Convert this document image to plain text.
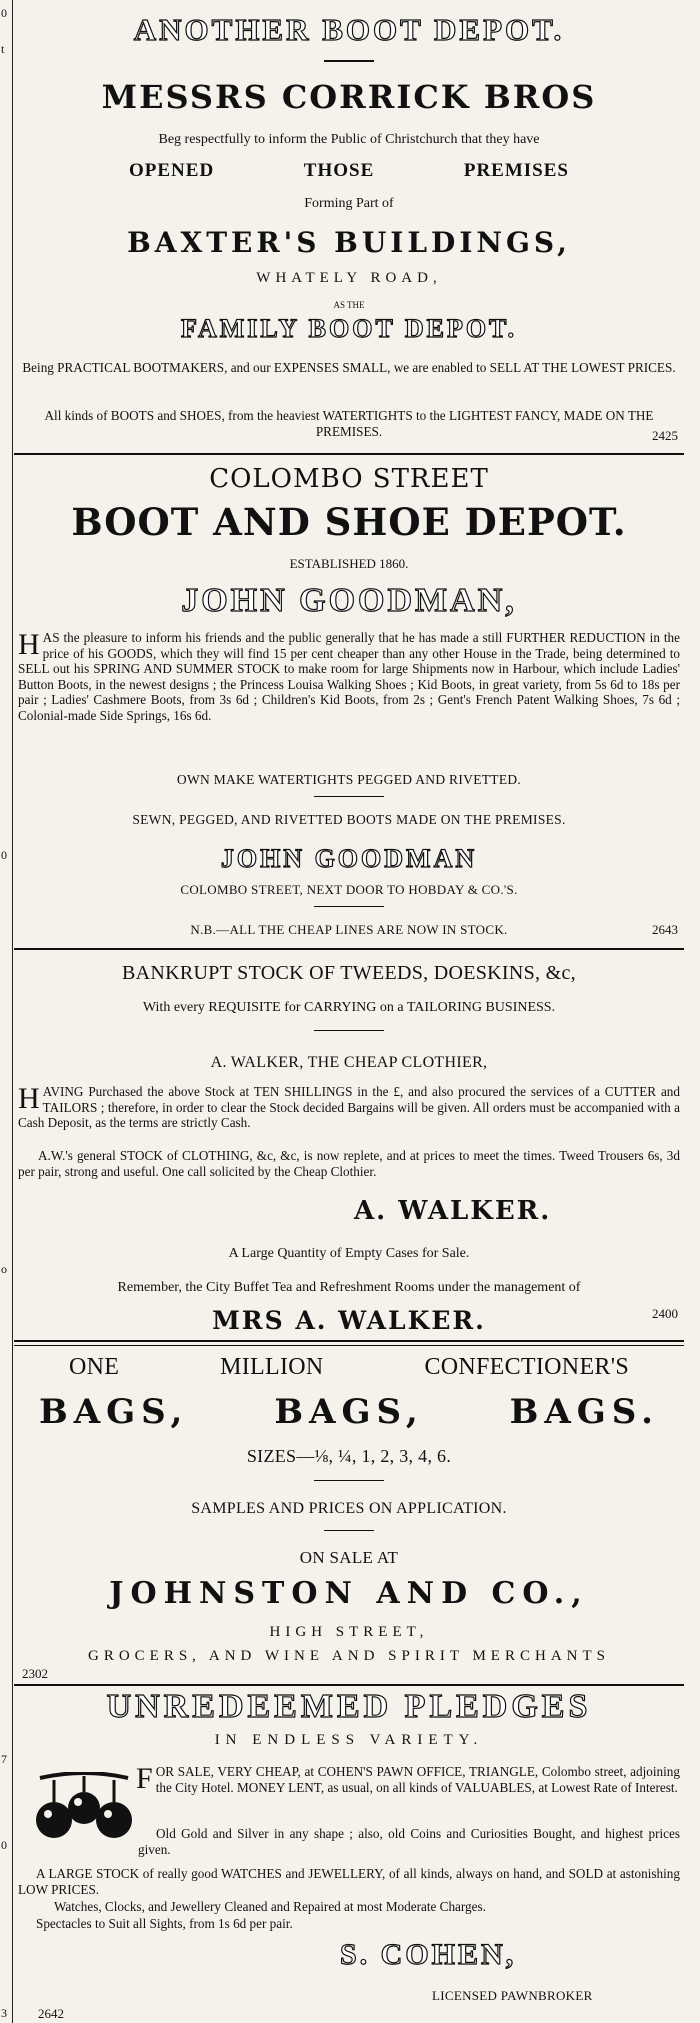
0
t
0
o
7
0
3
ANOTHER BOOT DEPOT.
MESSRS CORRICK BROS
Beg respectfully to inform the Public of Christchurch that they have
OPENED	THOSE	PREMISES
Forming Part of
BAXTER'S BUILDINGS,
WHATELY ROAD,
AS THE
FAMILY BOOT DEPOT.
Being PRACTICAL BOOTMAKERS, and our EXPENSES SMALL, we are enabled to SELL AT THE LOWEST PRICES.
All kinds of BOOTS and SHOES, from the heaviest WATERTIGHTS to the LIGHTEST FANCY, MADE ON THE PREMISES.	2425
COLOMBO STREET
BOOT AND SHOE DEPOT.
ESTABLISHED 1860.
JOHN GOODMAN,
HAS the pleasure to inform his friends and the public generally that he has made a still FURTHER REDUCTION in the price of his GOODS, which they will find 15 per cent cheaper than any other House in the Trade, being determined to SELL out his SPRING AND SUMMER STOCK to make room for large Shipments now in Harbour, which include Ladies' Button Boots, in the newest designs ; the Princess Louisa Walking Shoes ; Kid Boots, in great variety, from 5s 6d to 18s per pair ; Ladies' Cashmere Boots, from 3s 6d ; Children's Kid Boots, from 2s ; Gent's French Patent Walking Shoes, 7s 6d ; Colonial-made Side Springs, 16s 6d.
OWN MAKE WATERTIGHTS PEGGED AND RIVETTED.
SEWN, PEGGED, AND RIVETTED BOOTS MADE ON THE PREMISES.
JOHN GOODMAN
COLOMBO STREET, NEXT DOOR TO HOBDAY & CO.'S.
N.B.—ALL THE CHEAP LINES ARE NOW IN STOCK.	2643
BANKRUPT STOCK OF TWEEDS, DOESKINS, &c,
With every REQUISITE for CARRYING on a TAILORING BUSINESS.
A. WALKER, THE CHEAP CLOTHIER,
HAVING Purchased the above Stock at TEN SHILLINGS in the £, and also procured the services of a CUTTER and TAILORS ; therefore, in order to clear the Stock decided Bargains will be given. All orders must be accompanied with a Cash Deposit, as the terms are strictly Cash.
A.W.'s general STOCK of CLOTHING, &c, &c, is now replete, and at prices to meet the times. Tweed Trousers 6s, 3d per pair, strong and useful. One call solicited by the Cheap Clothier.
A. WALKER.
A Large Quantity of Empty Cases for Sale.
Remember, the City Buffet Tea and Refreshment Rooms under the management of
MRS A. WALKER.	2400
ONE	MILLION	CONFECTIONER'S
BAGS,	BAGS,	BAGS.
SIZES—⅛, ¼, 1, 2, 3, 4, 6.
SAMPLES AND PRICES ON APPLICATION.
ON SALE AT
JOHNSTON AND CO.,
HIGH STREET,
GROCERS, AND WINE AND SPIRIT MERCHANTS
2302
UNREDEEMED PLEDGES
IN ENDLESS VARIETY.
FOR SALE, VERY CHEAP, at COHEN'S PAWN OFFICE, TRIANGLE, Colombo street, adjoining the City Hotel. MONEY LENT, as usual, on all kinds of VALUABLES, at Lowest Rate of Interest.
Old Gold and Silver in any shape ; also, old Coins and Curiosities Bought, and highest prices given.
A LARGE STOCK of really good WATCHES and JEWELLERY, of all kinds, always on hand, and SOLD at astonishing LOW PRICES.
Watches, Clocks, and Jewellery Cleaned and Repaired at most Moderate Charges.
Spectacles to Suit all Sights, from 1s 6d per pair.
S. COHEN,
LICENSED PAWNBROKER
2642
